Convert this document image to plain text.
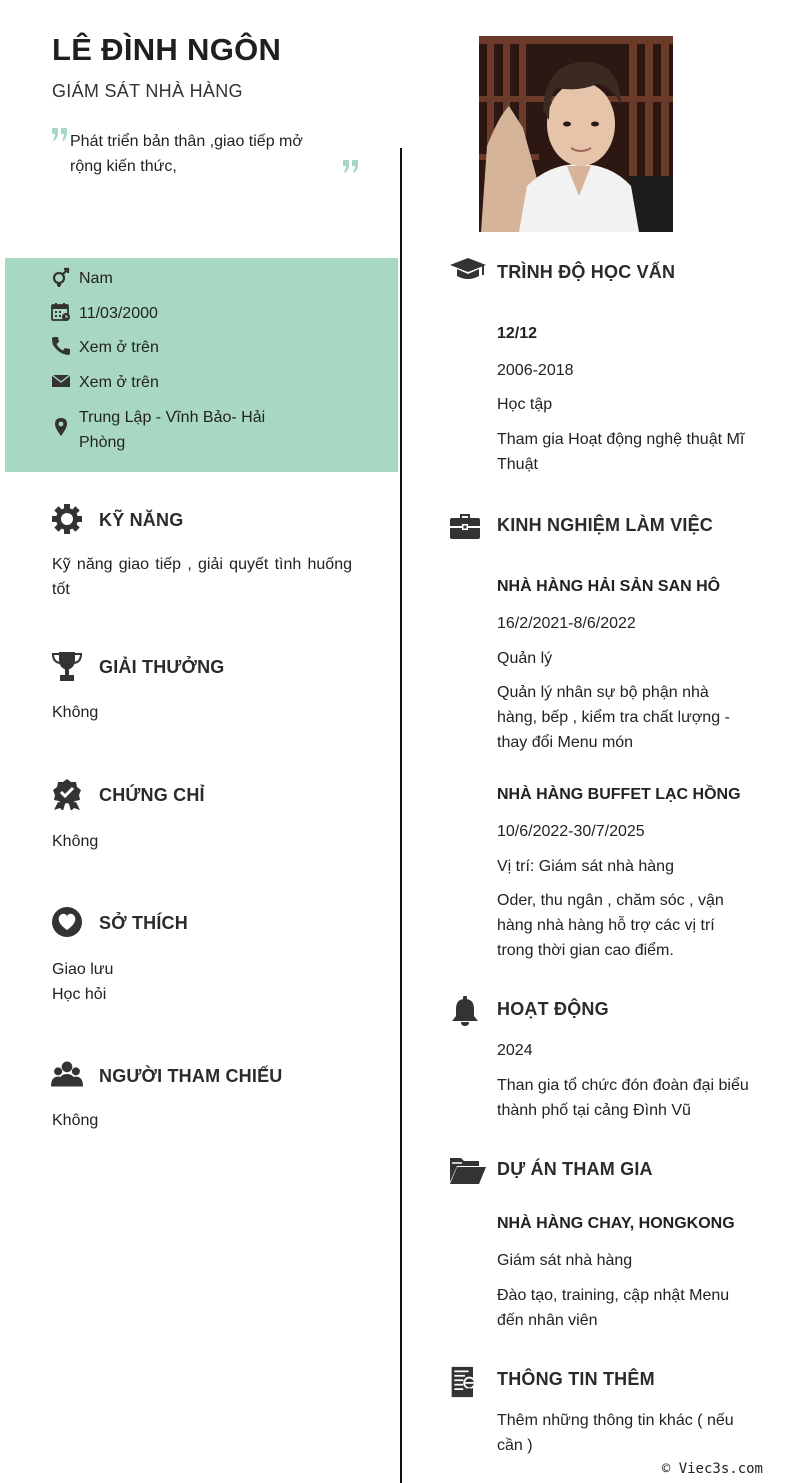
LÊ ĐÌNH NGÔN
GIÁM SÁT NHÀ HÀNG
Phát triển bản thân ,giao tiếp mở rộng kiến thức,
Nam
11/03/2000
Xem ở trên
Xem ở trên
Trung Lập - Vĩnh Bảo- Hải Phòng
KỸ NĂNG
Kỹ năng giao tiếp , giải quyết tình huống tốt
GIẢI THƯỞNG
Không
CHỨNG CHỈ
Không
SỞ THÍCH
Giao lưu
Học hỏi
NGƯỜI THAM CHIẾU
Không
TRÌNH ĐỘ HỌC VẤN
12/12
2006-2018
Học tập
Tham gia Hoạt động nghệ thuật Mĩ Thuật
KINH NGHIỆM LÀM VIỆC
NHÀ HÀNG HẢI SẢN SAN HÔ
16/2/2021-8/6/2022
Quản lý
Quản lý nhân sự bộ phận nhà hàng, bếp , kiểm tra chất lượng - thay đổi Menu món
NHÀ HÀNG BUFFET LẠC HỒNG
10/6/2022-30/7/2025
Vị trí: Giám sát nhà hàng
Oder, thu ngân , chăm sóc , vận hàng nhà hàng hỗ trợ các vị trí trong thời gian cao điểm.
HOẠT ĐỘNG
2024
Than gia tổ chức đón đoàn đại biểu thành phố tại cảng Đình Vũ
DỰ ÁN THAM GIA
NHÀ HÀNG CHAY, HONGKONG
Giám sát nhà hàng
Đào tạo, training, cập nhật Menu đến nhân viên
THÔNG TIN THÊM
Thêm những thông tin khác ( nếu cần )
© Viec3s.com
